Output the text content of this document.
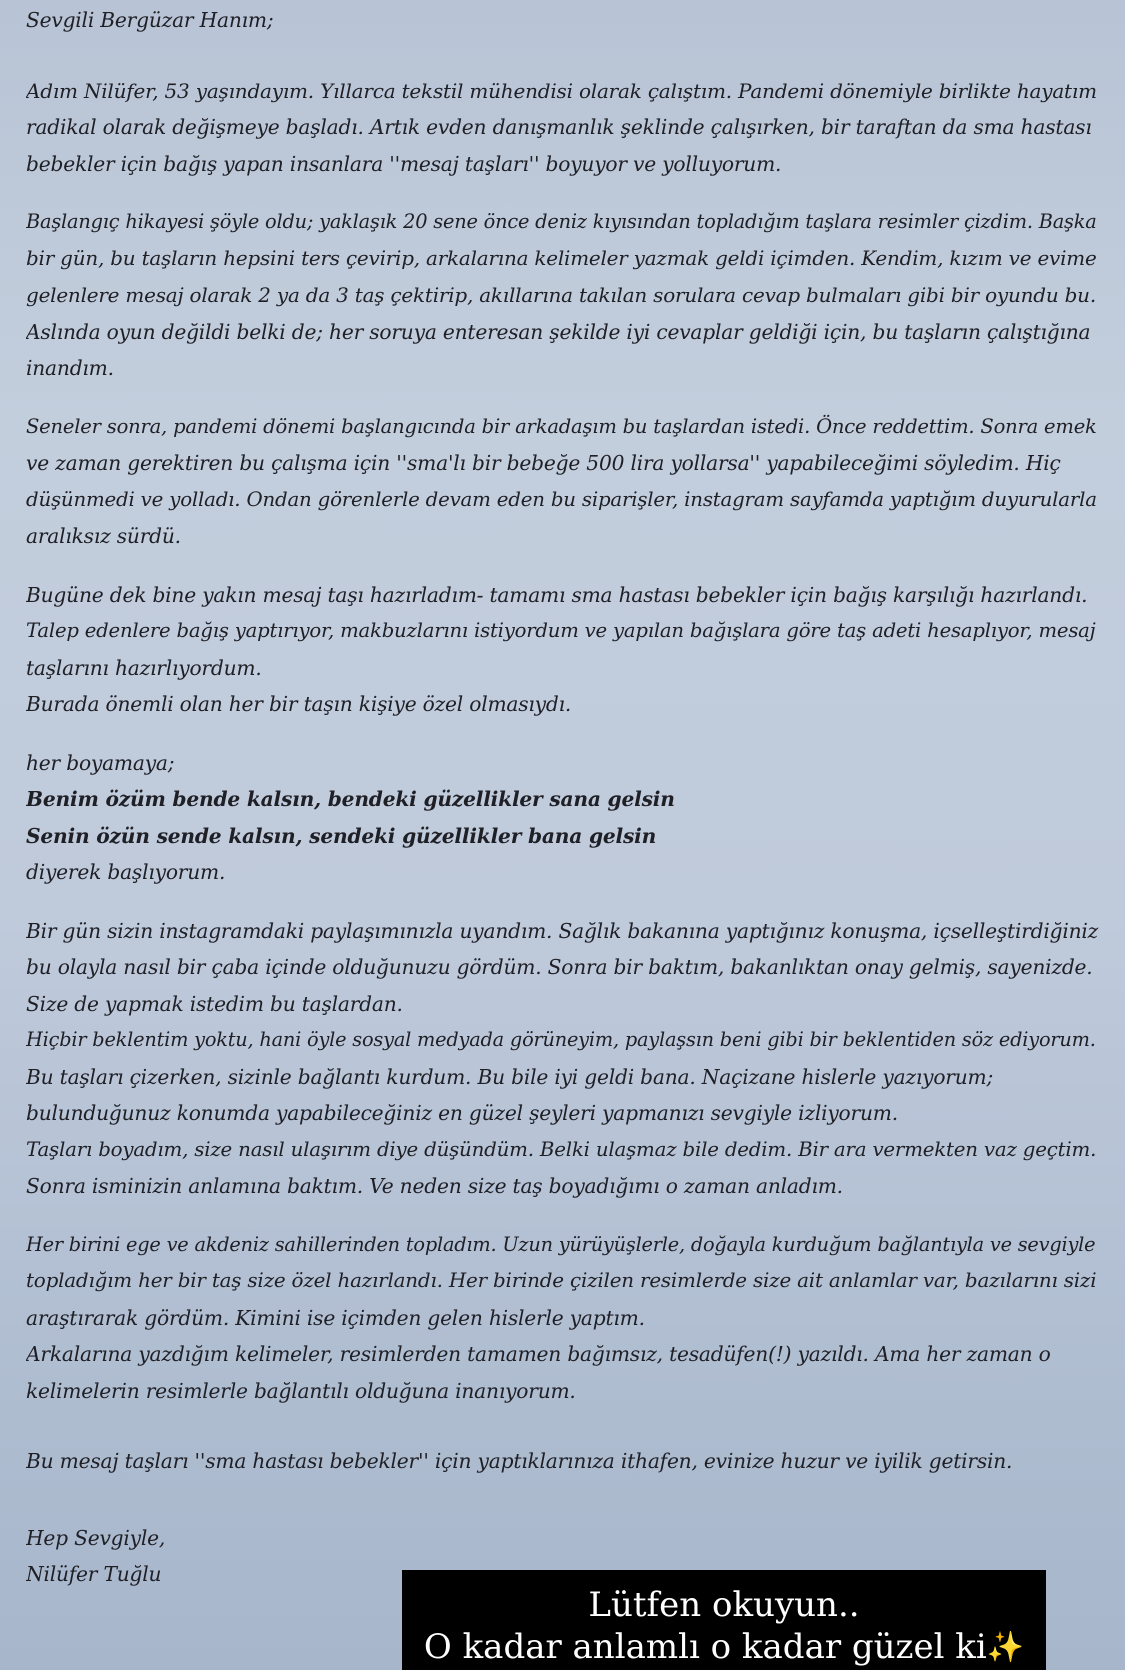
Sevgili Bergüzar Hanım;
Adım Nilüfer, 53 yaşındayım. Yıllarca tekstil mühendisi olarak çalıştım. Pandemi dönemiyle birlikte hayatım
radikal olarak değişmeye başladı. Artık evden danışmanlık şeklinde çalışırken, bir taraftan da sma hastası
bebekler için bağış yapan insanlara ''mesaj taşları'' boyuyor ve yolluyorum.
Başlangıç hikayesi şöyle oldu; yaklaşık 20 sene önce deniz kıyısından topladığım taşlara resimler çizdim. Başka
bir gün, bu taşların hepsini ters çevirip, arkalarına kelimeler yazmak geldi içimden. Kendim, kızım ve evime
gelenlere mesaj olarak 2 ya da 3 taş çektirip, akıllarına takılan sorulara cevap bulmaları gibi bir oyundu bu.
Aslında oyun değildi belki de; her soruya enteresan şekilde iyi cevaplar geldiği için, bu taşların çalıştığına
inandım.
Seneler sonra, pandemi dönemi başlangıcında bir arkadaşım bu taşlardan istedi. Önce reddettim. Sonra emek
ve zaman gerektiren bu çalışma için ''sma'lı bir bebeğe 500 lira yollarsa'' yapabileceğimi söyledim. Hiç
düşünmedi ve yolladı. Ondan görenlerle devam eden bu siparişler, instagram sayfamda yaptığım duyurularla
aralıksız sürdü.
Bugüne dek bine yakın mesaj taşı hazırladım- tamamı sma hastası bebekler için bağış karşılığı hazırlandı.
Talep edenlere bağış yaptırıyor, makbuzlarını istiyordum ve yapılan bağışlara göre taş adeti hesaplıyor, mesaj
taşlarını hazırlıyordum.
Burada önemli olan her bir taşın kişiye özel olmasıydı.
her boyamaya;
Benim özüm bende kalsın, bendeki güzellikler sana gelsin
Senin özün sende kalsın, sendeki güzellikler bana gelsin
diyerek başlıyorum.
Bir gün sizin instagramdaki paylaşımınızla uyandım. Sağlık bakanına yaptığınız konuşma, içselleştirdiğiniz
bu olayla nasıl bir çaba içinde olduğunuzu gördüm. Sonra bir baktım, bakanlıktan onay gelmiş, sayenizde.
Size de yapmak istedim bu taşlardan.
Hiçbir beklentim yoktu, hani öyle sosyal medyada görüneyim, paylaşsın beni gibi bir beklentiden söz ediyorum.
Bu taşları çizerken, sizinle bağlantı kurdum. Bu bile iyi geldi bana. Naçizane hislerle yazıyorum;
bulunduğunuz konumda yapabileceğiniz en güzel şeyleri yapmanızı sevgiyle izliyorum.
Taşları boyadım, size nasıl ulaşırım diye düşündüm. Belki ulaşmaz bile dedim. Bir ara vermekten vaz geçtim.
Sonra isminizin anlamına baktım. Ve neden size taş boyadığımı o zaman anladım.
Her birini ege ve akdeniz sahillerinden topladım. Uzun yürüyüşlerle, doğayla kurduğum bağlantıyla ve sevgiyle
topladığım her bir taş size özel hazırlandı. Her birinde çizilen resimlerde size ait anlamlar var, bazılarını sizi
araştırarak gördüm. Kimini ise içimden gelen hislerle yaptım.
Arkalarına yazdığım kelimeler, resimlerden tamamen bağımsız, tesadüfen(!) yazıldı. Ama her zaman o
kelimelerin resimlerle bağlantılı olduğuna inanıyorum.
Bu mesaj taşları ''sma hastası bebekler'' için yaptıklarınıza ithafen, evinize huzur ve iyilik getirsin.
Hep Sevgiyle,
Nilüfer Tuğlu
Lütfen okuyun..
O kadar anlamlı o kadar güzel ki✨
